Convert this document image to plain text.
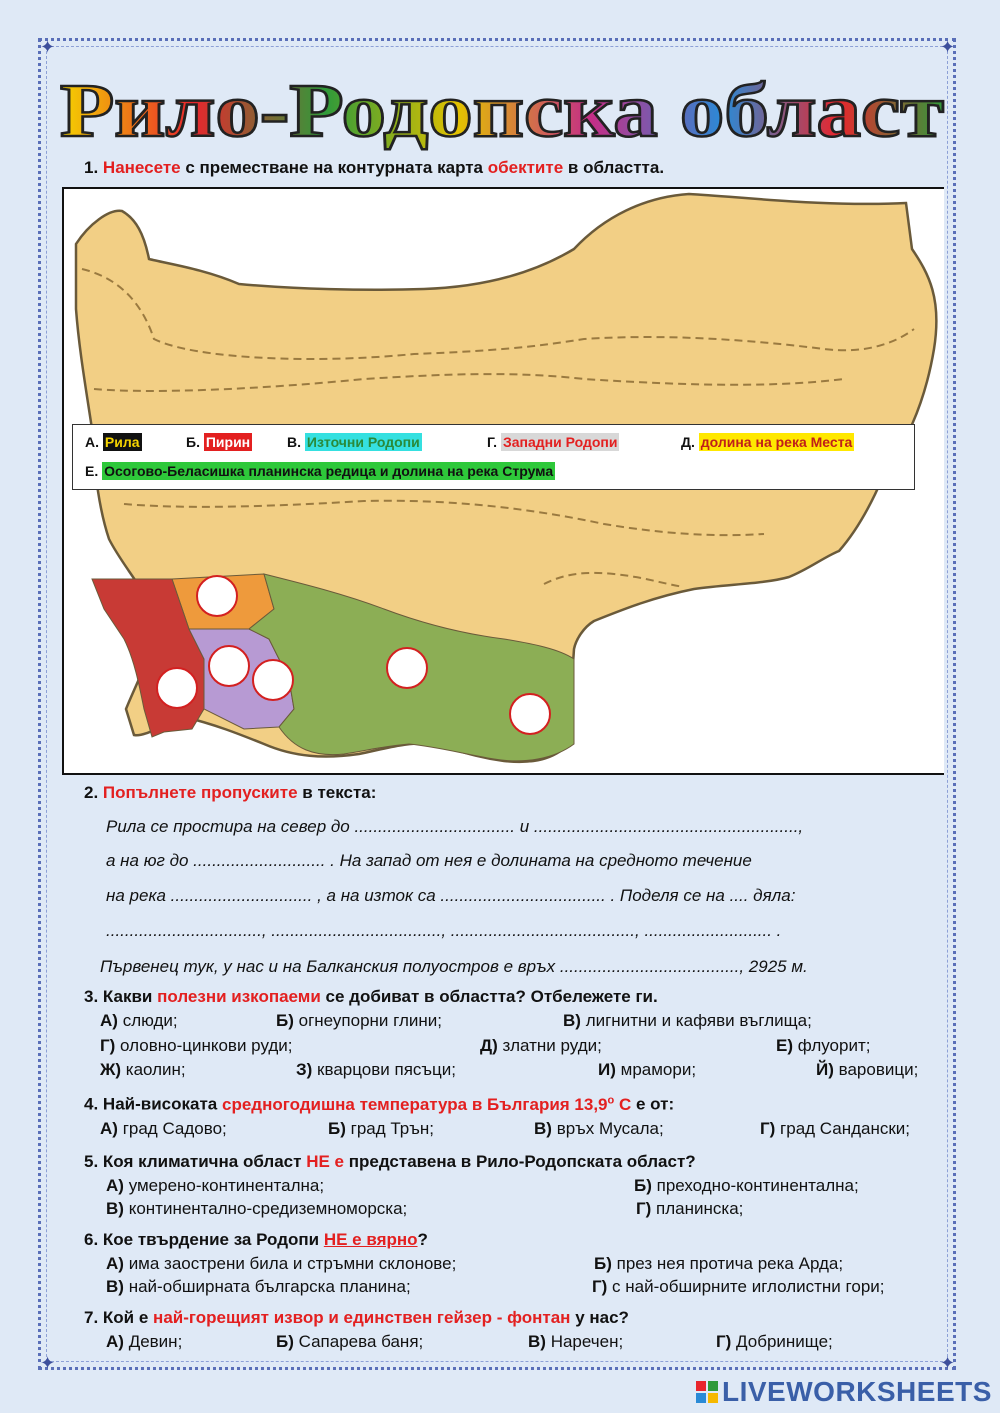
✦	✦
✦	✦
Рило-Родопска област
1. Нанесете с преместване на контурната карта обектите в областта.
А. Рила	Б. Пирин	В. Източни Родопи	Г. Западни Родопи	Д. долина на река Места
Е. Осогово-Беласишка планинска редица и долина на река Струма
2. Попълнете пропуските в текста:
Рила се простира на север до .................................. и ........................................................,
а на юг до ............................ . На запад от нея е долината на средното течение
на река .............................. , а на изток са ................................... . Поделя се на .... дяла:
................................., ...................................., ......................................., ........................... .
Първенец тук, у нас и на Балканския полуостров е връх ......................................, 2925 м.
3. Какви полезни изкопаеми се добиват в областта? Отбележете ги.
А) слюди;	Б) огнеупорни глини;	В) лигнитни и кафяви въглища;
Г) оловно-цинкови руди;	Д) златни руди;	Е) флуорит;
Ж) каолин;	З) кварцови пясъци;	И) мрамори;	Й) варовици;
4. Най-високата средногодишна температура в България $13,9^о$ С е от:
А) град Садово;	Б) град Трън;	В) връх Мусала;	Г) град Сандански;
5. Коя климатична област НЕ е представена в Рило-Родопската област?
А) умерено-континентална;	Б) преходно-континентална;
В) континентално-средиземноморска;	Г) планинска;
6. Кое твърдение за Родопи НЕ е вярно?
А) има заострени била и стръмни склонове;	Б) през нея протича река Арда;
В) най-обширната българска планина;	Г) с най-обширните иглолистни гори;
7. Кой е най-горещият извор и единствен гейзер - фонтан у нас?
А) Девин;	Б) Сапарева баня;	В) Наречен;	Г) Добринище;
LIVEWORKSHEETS
